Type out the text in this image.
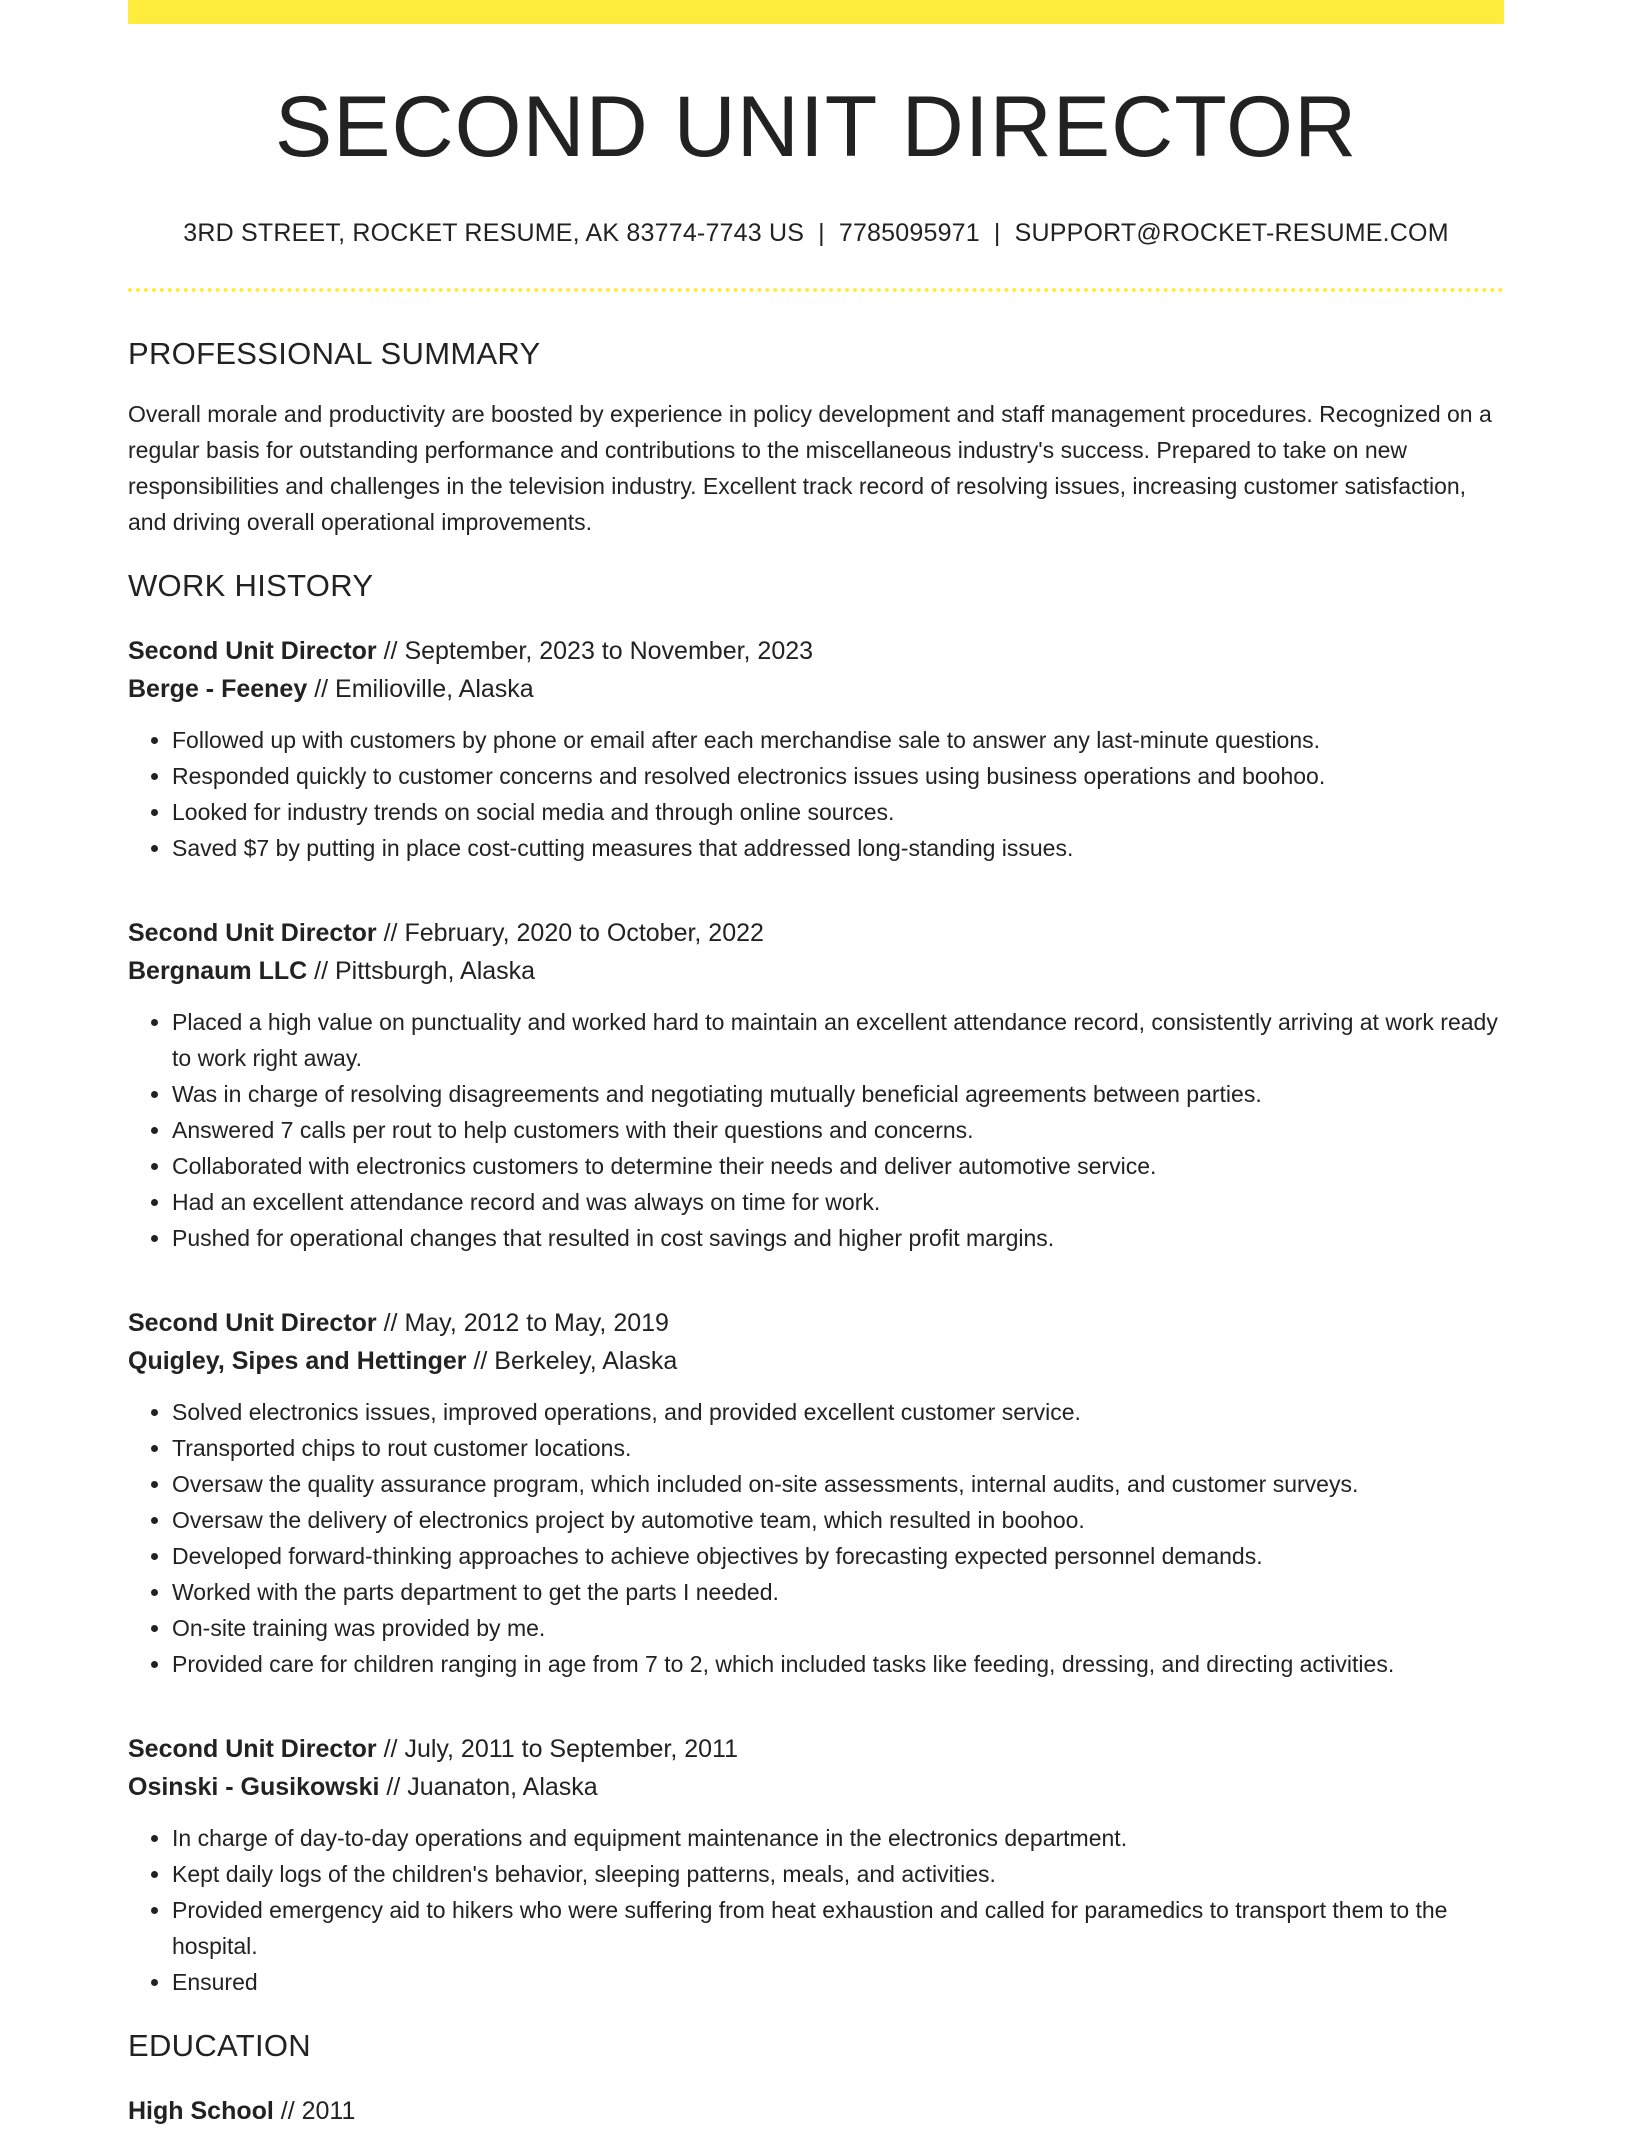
SECOND UNIT DIRECTOR
3RD STREET, ROCKET RESUME, AK 83774-7743 US | 7785095971 | SUPPORT@ROCKET-RESUME.COM
PROFESSIONAL SUMMARY

Overall morale and productivity are boosted by experience in policy development and staff management procedures. Recognized on a regular basis for outstanding performance and contributions to the miscellaneous industry's success. Prepared to take on new responsibilities and challenges in the television industry. Excellent track record of resolving issues, increasing customer satisfaction, and driving overall operational improvements.

WORK HISTORY
Second Unit Director // September, 2023 to November, 2023
Berge - Feeney // Emilioville, Alaska
• Followed up with customers by phone or email after each merchandise sale to answer any last-minute questions.
• Responded quickly to customer concerns and resolved electronics issues using business operations and boohoo.
• Looked for industry trends on social media and through online sources.
• Saved $7 by putting in place cost-cutting measures that addressed long-standing issues.
Second Unit Director // February, 2020 to October, 2022
Bergnaum LLC // Pittsburgh, Alaska
• Placed a high value on punctuality and worked hard to maintain an excellent attendance record, consistently arriving at work ready to work right away.
• Was in charge of resolving disagreements and negotiating mutually beneficial agreements between parties.
• Answered 7 calls per rout to help customers with their questions and concerns.
• Collaborated with electronics customers to determine their needs and deliver automotive service.
• Had an excellent attendance record and was always on time for work.
• Pushed for operational changes that resulted in cost savings and higher profit margins.
Second Unit Director // May, 2012 to May, 2019
Quigley, Sipes and Hettinger // Berkeley, Alaska
• Solved electronics issues, improved operations, and provided excellent customer service.
• Transported chips to rout customer locations.
• Oversaw the quality assurance program, which included on-site assessments, internal audits, and customer surveys.
• Oversaw the delivery of electronics project by automotive team, which resulted in boohoo.
• Developed forward-thinking approaches to achieve objectives by forecasting expected personnel demands.
• Worked with the parts department to get the parts I needed.
• On-site training was provided by me.
• Provided care for children ranging in age from 7 to 2, which included tasks like feeding, dressing, and directing activities.
Second Unit Director // July, 2011 to September, 2011
Osinski - Gusikowski // Juanaton, Alaska
• In charge of day-to-day operations and equipment maintenance in the electronics department.
• Kept daily logs of the children's behavior, sleeping patterns, meals, and activities.
• Provided emergency aid to hikers who were suffering from heat exhaustion and called for paramedics to transport them to the hospital.
• Ensured
EDUCATION
High School // 2011
